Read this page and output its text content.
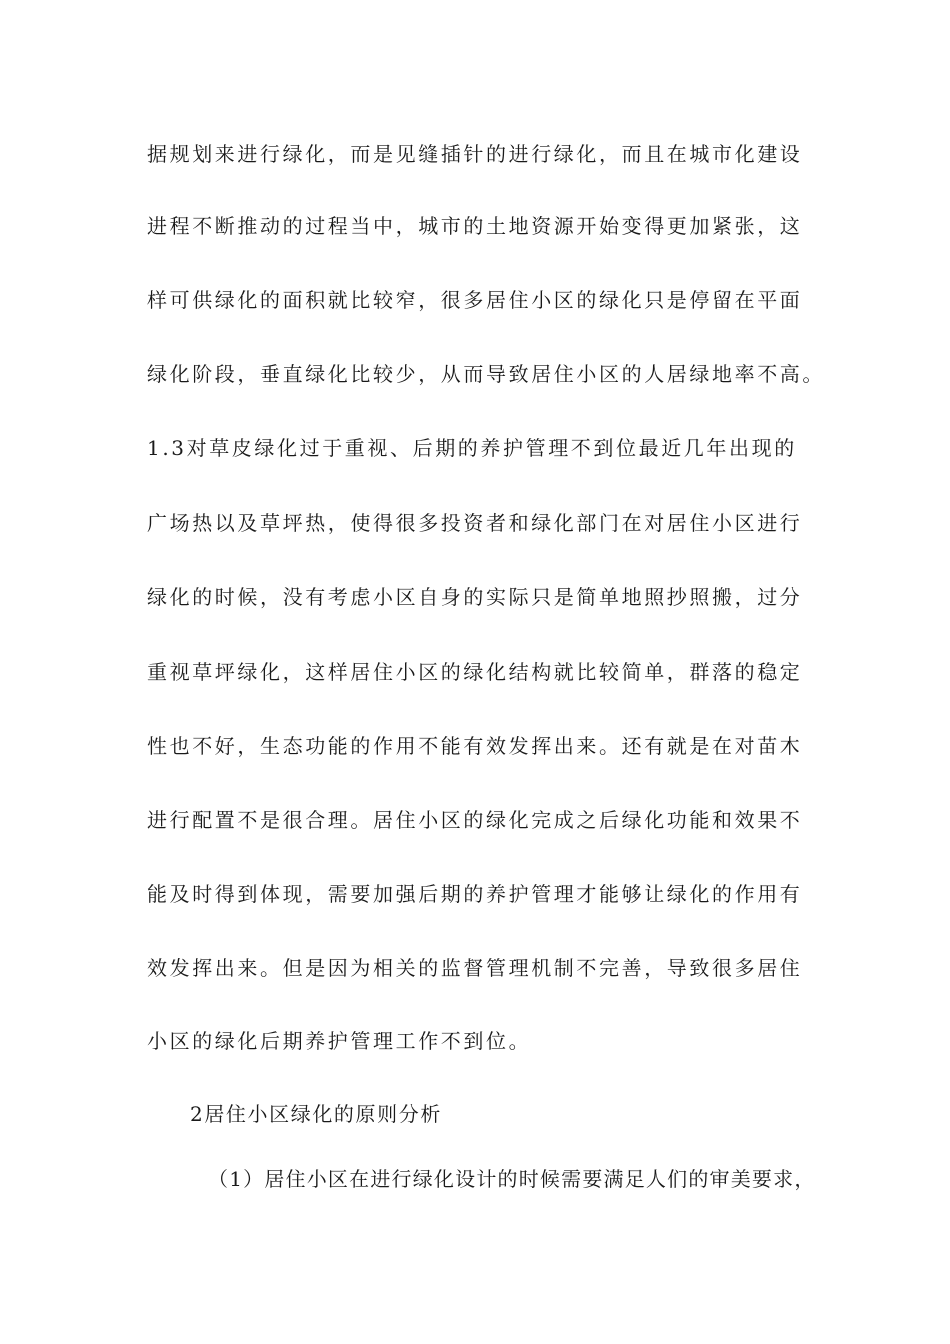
据规划来进行绿化，而是见缝插针的进行绿化，而且在城市化建设
进程不断推动的过程当中，城市的土地资源开始变得更加紧张，这
样可供绿化的面积就比较窄，很多居住小区的绿化只是停留在平面
绿化阶段，垂直绿化比较少，从而导致居住小区的人居绿地率不高。
1.3对草皮绿化过于重视、后期的养护管理不到位最近几年出现的
广场热以及草坪热，使得很多投资者和绿化部门在对居住小区进行
绿化的时候，没有考虑小区自身的实际只是简单地照抄照搬，过分
重视草坪绿化，这样居住小区的绿化结构就比较简单，群落的稳定
性也不好，生态功能的作用不能有效发挥出来。还有就是在对苗木
进行配置不是很合理。居住小区的绿化完成之后绿化功能和效果不
能及时得到体现，需要加强后期的养护管理才能够让绿化的作用有
效发挥出来。但是因为相关的监督管理机制不完善，导致很多居住
小区的绿化后期养护管理工作不到位。
2居住小区绿化的原则分析
（1）居住小区在进行绿化设计的时候需要满足人们的审美要求，
